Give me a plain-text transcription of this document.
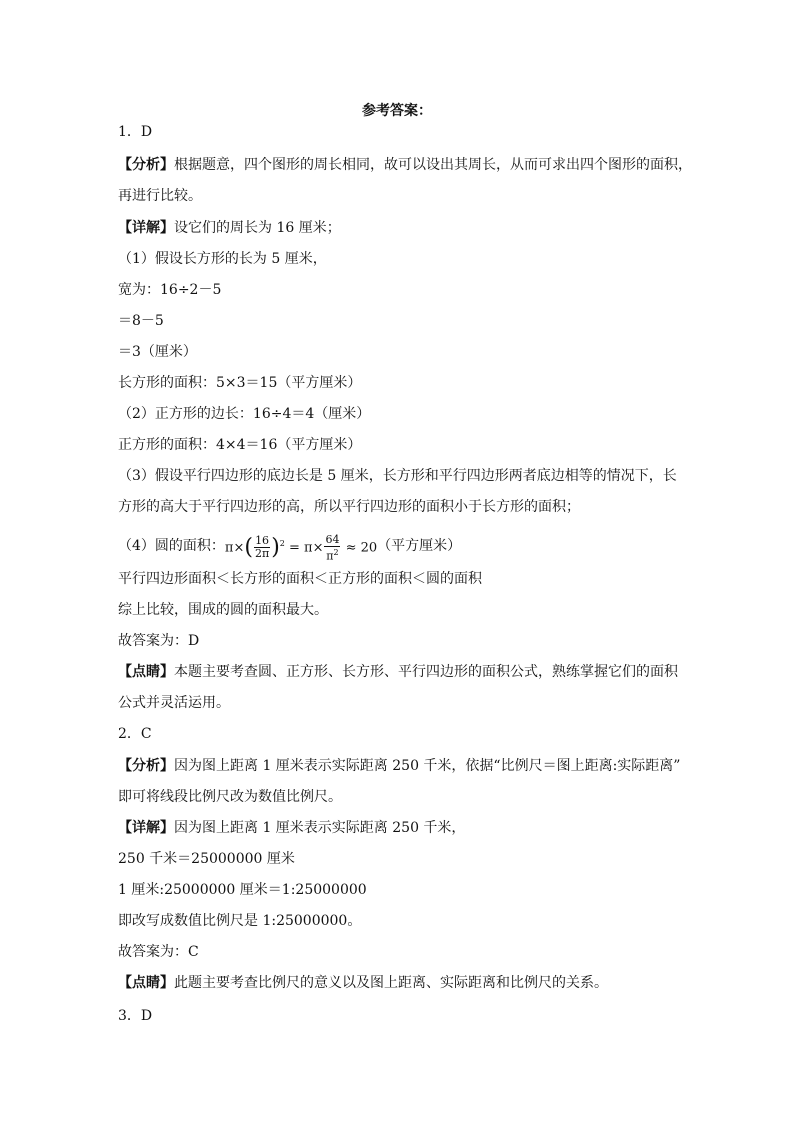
参考答案：
1．D
【分析】根据题意，四个图形的周长相同，故可以设出其周长，从而可求出四个图形的面积，
再进行比较。
【详解】设它们的周长为 16 厘米；
（1）假设长方形的长为 5 厘米，
宽为：16÷2－5
＝8－5
＝3（厘米）
长方形的面积：5×3＝15（平方厘米）
（2）正方形的边长：16÷4＝4（厘米）
正方形的面积：4×4＝16（平方厘米）
（3）假设平行四边形的底边长是 5 厘米，长方形和平行四边形两者底边相等的情况下，长
方形的高大于平行四边形的高，所以平行四边形的面积小于长方形的面积；
（4）圆的面积：$\pi\times( \frac{16}{2\pi} )^2 = \pi\times \frac{64}{\pi^2} \approx 20$（平方厘米）
平行四边形面积＜长方形的面积＜正方形的面积＜圆的面积
综上比较，围成的圆的面积最大。
故答案为：D
【点睛】本题主要考查圆、正方形、长方形、平行四边形的面积公式，熟练掌握它们的面积
公式并灵活运用。
2．C
【分析】因为图上距离 1 厘米表示实际距离 250 千米，依据“比例尺＝图上距离:实际距离”
即可将线段比例尺改为数值比例尺。
【详解】因为图上距离 1 厘米表示实际距离 250 千米，
250 千米＝25000000 厘米
1 厘米:25000000 厘米＝1:25000000
即改写成数值比例尺是 1:25000000。
故答案为：C
【点睛】此题主要考查比例尺的意义以及图上距离、实际距离和比例尺的关系。
3．D
